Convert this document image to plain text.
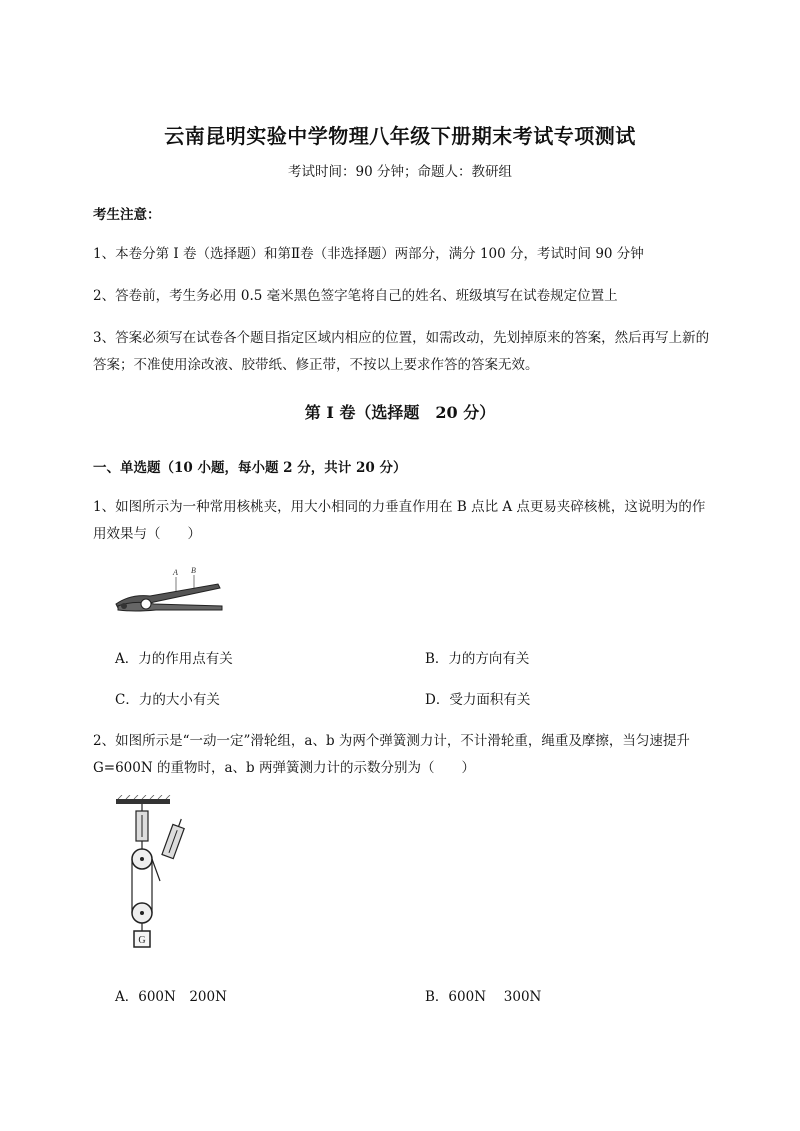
云南昆明实验中学物理八年级下册期末考试专项测试
考试时间：90 分钟；命题人：教研组
考生注意：
1、本卷分第 I 卷（选择题）和第Ⅱ卷（非选择题）两部分，满分 100 分，考试时间 90 分钟
2、答卷前，考生务必用 0.5 毫米黑色签字笔将自己的姓名、班级填写在试卷规定位置上
3、答案必须写在试卷各个题目指定区域内相应的位置，如需改动，先划掉原来的答案，然后再写上新的答案；不准使用涂改液、胶带纸、修正带，不按以上要求作答的答案无效。
第 I 卷（选择题　20 分）
一、单选题（10 小题，每小题 2 分，共计 20 分）
1、如图所示为一种常用核桃夹，用大小相同的力垂直作用在 B 点比 A 点更易夹碎核桃，这说明为的作用效果与（　　）
A B
A．力的作用点有关	B．力的方向有关
C．力的大小有关	D．受力面积有关
2、如图所示是“一动一定”滑轮组，a、b 为两个弹簧测力计，不计滑轮重，绳重及摩擦，当匀速提升 G=600N 的重物时，a、b 两弹簧测力计的示数分别为（　　）
G
A．600N　200N	B．600N　 300N
